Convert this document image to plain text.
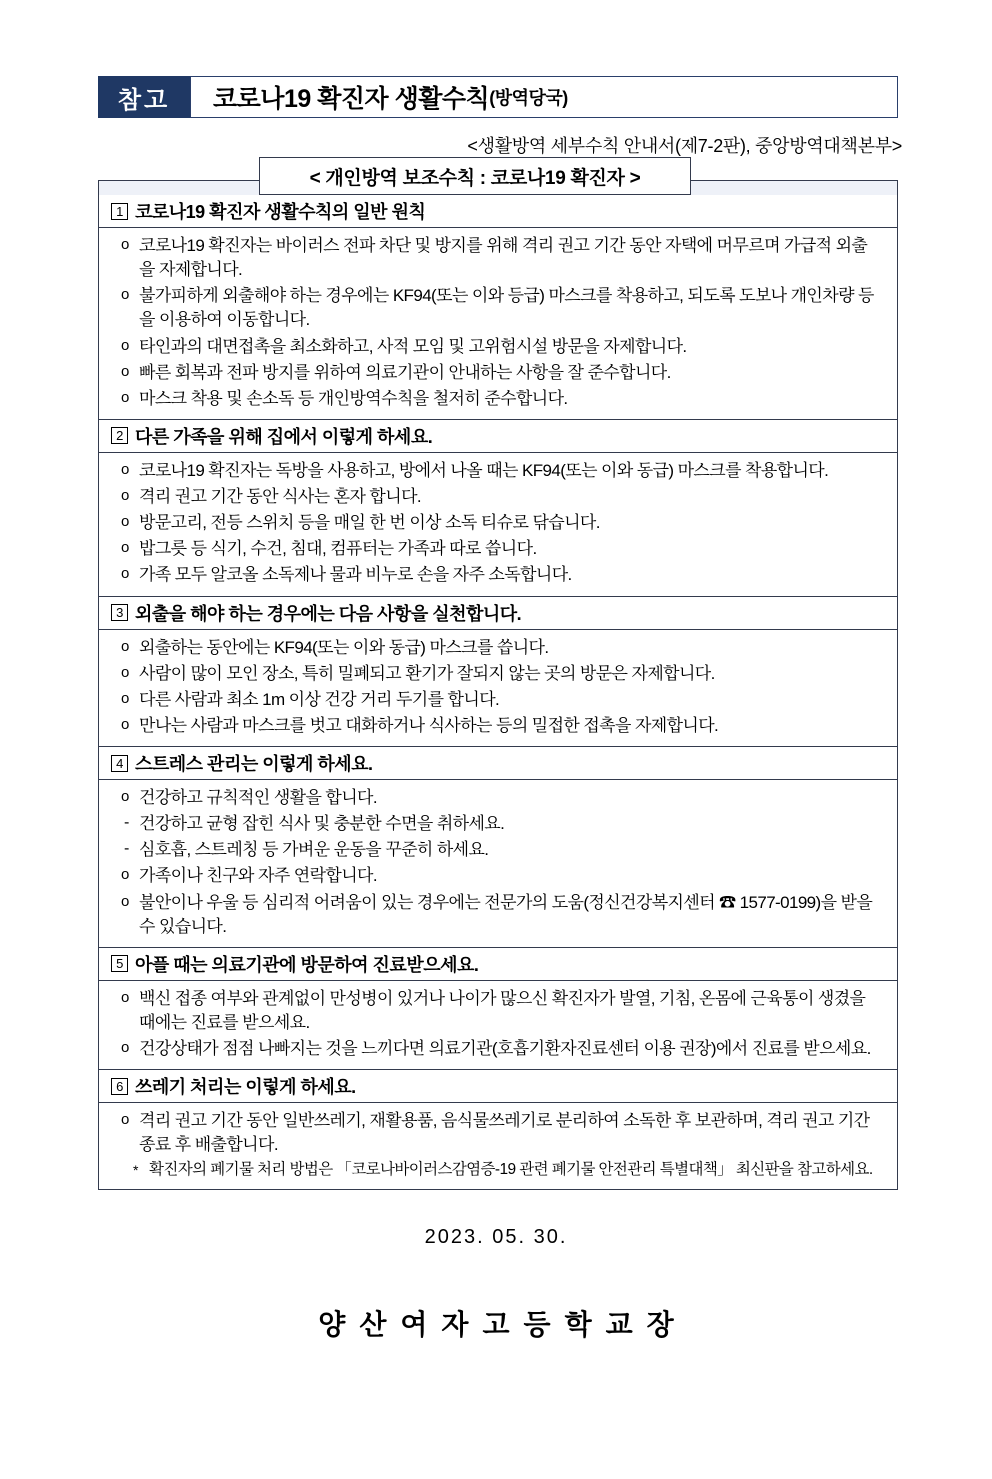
참고	코로나19 확진자 생활수칙 (방역당국)
<생활방역 세부수칙 안내서(제7-2판), 중앙방역대책본부>
< 개인방역 보조수칙 : 코로나19 확진자 >
1 코로나19 확진자 생활수칙의 일반 원칙
o 코로나19 확진자는 바이러스 전파 차단 및 방지를 위해 격리 권고 기간 동안 자택에 머무르며 가급적 외출을 자제합니다.
o 불가피하게 외출해야 하는 경우에는 KF94(또는 이와 등급) 마스크를 착용하고, 되도록 도보나 개인차량 등을 이용하여 이동합니다.
o 타인과의 대면접촉을 최소화하고, 사적 모임 및 고위험시설 방문을 자제합니다.
o 빠른 회복과 전파 방지를 위하여 의료기관이 안내하는 사항을 잘 준수합니다.
o 마스크 착용 및 손소독 등 개인방역수칙을 철저히 준수합니다.
2 다른 가족을 위해 집에서 이렇게 하세요.
o 코로나19 확진자는 독방을 사용하고, 방에서 나올 때는 KF94(또는 이와 동급) 마스크를 착용합니다.
o 격리 권고 기간 동안 식사는 혼자 합니다.
o 방문고리, 전등 스위치 등을 매일 한 번 이상 소독 티슈로 닦습니다.
o 밥그릇 등 식기, 수건, 침대, 컴퓨터는 가족과 따로 씁니다.
o 가족 모두 알코올 소독제나 물과 비누로 손을 자주 소독합니다.
3 외출을 해야 하는 경우에는 다음 사항을 실천합니다.
o 외출하는 동안에는 KF94(또는 이와 동급) 마스크를 씁니다.
o 사람이 많이 모인 장소, 특히 밀폐되고 환기가 잘되지 않는 곳의 방문은 자제합니다.
o 다른 사람과 최소 1m 이상 건강 거리 두기를 합니다.
o 만나는 사람과 마스크를 벗고 대화하거나 식사하는 등의 밀접한 접촉을 자제합니다.
4 스트레스 관리는 이렇게 하세요.
o 건강하고 규칙적인 생활을 합니다.
- 건강하고 균형 잡힌 식사 및 충분한 수면을 취하세요.
- 심호흡, 스트레칭 등 가벼운 운동을 꾸준히 하세요.
o 가족이나 친구와 자주 연락합니다.
o 불안이나 우울 등 심리적 어려움이 있는 경우에는 전문가의 도움(정신건강복지센터 ☎ 1577-0199)을 받을 수 있습니다.
5 아플 때는 의료기관에 방문하여 진료받으세요.
o 백신 접종 여부와 관계없이 만성병이 있거나 나이가 많으신 확진자가 발열, 기침, 온몸에 근육통이 생겼을 때에는 진료를 받으세요.
o 건강상태가 점점 나빠지는 것을 느끼다면 의료기관(호흡기환자진료센터 이용 권장)에서 진료를 받으세요.
6 쓰레기 처리는 이렇게 하세요.
o 격리 권고 기간 동안 일반쓰레기, 재활용품, 음식물쓰레기로 분리하여 소독한 후 보관하며, 격리 권고 기간 종료 후 배출합니다.
* 확진자의 폐기물 처리 방법은 「코로나바이러스감염증-19 관련 폐기물 안전관리 특별대책」 최신판을 참고하세요.
2023. 05. 30.
양산여자고등학교장
